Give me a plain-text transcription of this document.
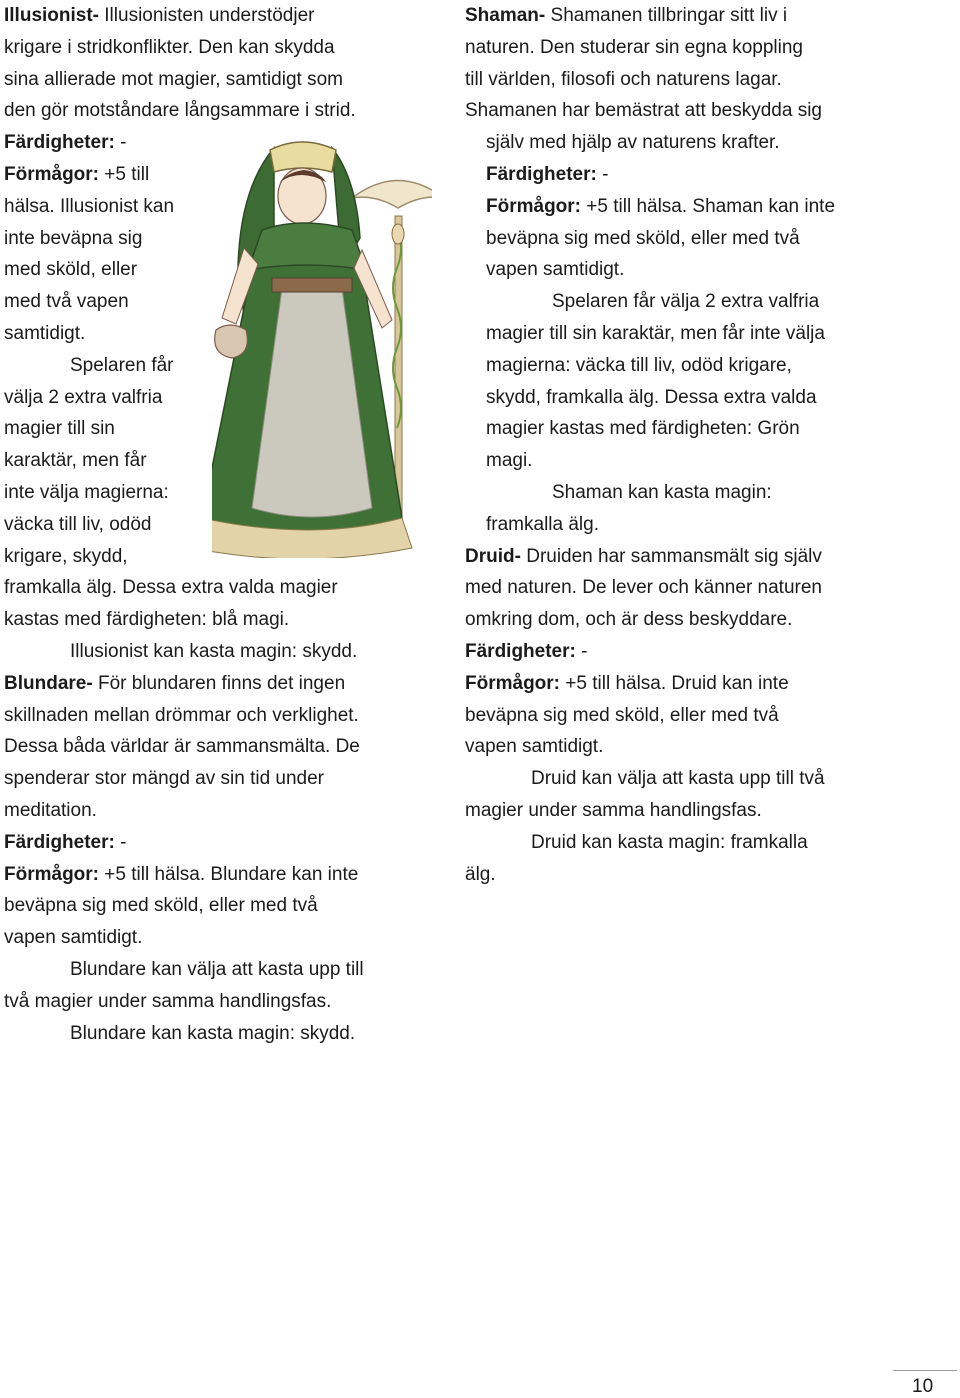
Illusionist- Illusionisten understödjer
krigare i stridkonflikter. Den kan skydda
sina allierade mot magier, samtidigt som
den gör motståndare långsammare i strid.
Färdigheter: -
Förmågor: +5 till
hälsa. Illusionist kan
inte beväpna sig
med sköld, eller
med två vapen
samtidigt.
Spelaren får
välja 2 extra valfria
magier till sin
karaktär, men får
inte välja magierna:
väcka till liv, odöd
krigare, skydd,
framkalla älg. Dessa extra valda magier
kastas med färdigheten: blå magi.
Illusionist kan kasta magin: skydd.
Blundare- För blundaren finns det ingen
skillnaden mellan drömmar och verklighet.
Dessa båda världar är sammansmälta. De
spenderar stor mängd av sin tid under
meditation.
Färdigheter: -
Förmågor: +5 till hälsa. Blundare kan inte
beväpna sig med sköld, eller med två
vapen samtidigt.
Blundare kan välja att kasta upp till
två magier under samma handlingsfas.
Blundare kan kasta magin: skydd.
Shaman- Shamanen tillbringar sitt liv i
naturen. Den studerar sin egna koppling
till världen, filosofi och naturens lagar.
Shamanen har bemästrat att beskydda sig
själv med hjälp av naturens krafter.
Färdigheter: -
Förmågor: +5 till hälsa. Shaman kan inte
beväpna sig med sköld, eller med två
vapen samtidigt.
Spelaren får välja 2 extra valfria
magier till sin karaktär, men får inte välja
magierna: väcka till liv, odöd krigare,
skydd, framkalla älg. Dessa extra valda
magier kastas med färdigheten: Grön
magi.
Shaman kan kasta magin:
framkalla älg.
Druid- Druiden har sammansmält sig själv
med naturen. De lever och känner naturen
omkring dom, och är dess beskyddare.
Färdigheter: -
Förmågor: +5 till hälsa. Druid kan inte
beväpna sig med sköld, eller med två
vapen samtidigt.
Druid kan välja att kasta upp till två
magier under samma handlingsfas.
Druid kan kasta magin: framkalla
älg.
10
